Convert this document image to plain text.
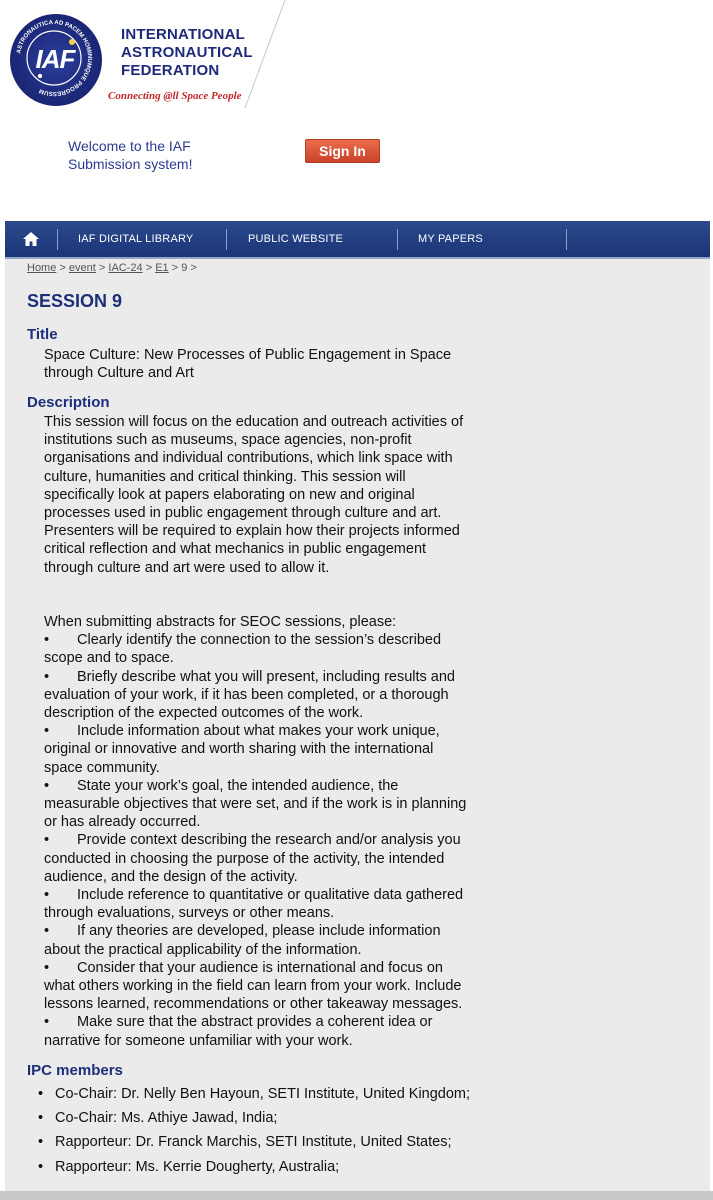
ASTRONAUTICA AD PACEM HOMINUMQUE PROGRESSUM
IAF
INTERNATIONAL
ASTRONAUTICAL
FEDERATION
Connecting @ll Space People
Welcome to the IAF
Submission system!
Sign In
IAF DIGITAL LIBRARY	PUBLIC WEBSITE	MY PAPERS
Home > event > IAC-24 > E1 > 9 >
SESSION 9
Title
Space Culture: New Processes of Public Engagement in Space
through Culture and Art
Description
This session will focus on the education and outreach activities of
institutions such as museums, space agencies, non-profit
organisations and individual contributions, which link space with
culture, humanities and critical thinking. This session will
specifically look at papers elaborating on new and original
processes used in public engagement through culture and art.
Presenters will be required to explain how their projects informed
critical reflection and what mechanics in public engagement
through culture and art were used to allow it.
When submitting abstracts for SEOC sessions, please:
• Clearly identify the connection to the session’s described
scope and to space.
• Briefly describe what you will present, including results and
evaluation of your work, if it has been completed, or a thorough
description of the expected outcomes of the work.
• Include information about what makes your work unique,
original or innovative and worth sharing with the international
space community.
• State your work’s goal, the intended audience, the
measurable objectives that were set, and if the work is in planning
or has already occurred.
• Provide context describing the research and/or analysis you
conducted in choosing the purpose of the activity, the intended
audience, and the design of the activity.
• Include reference to quantitative or qualitative data gathered
through evaluations, surveys or other means.
• If any theories are developed, please include information
about the practical applicability of the information.
• Consider that your audience is international and focus on
what others working in the field can learn from your work. Include
lessons learned, recommendations or other takeaway messages.
• Make sure that the abstract provides a coherent idea or
narrative for someone unfamiliar with your work.
IPC members
• Co-Chair: Dr. Nelly Ben Hayoun, SETI Institute, United Kingdom;
• Co-Chair: Ms. Athiye Jawad, India;
• Rapporteur: Dr. Franck Marchis, SETI Institute, United States;
• Rapporteur: Ms. Kerrie Dougherty, Australia;
